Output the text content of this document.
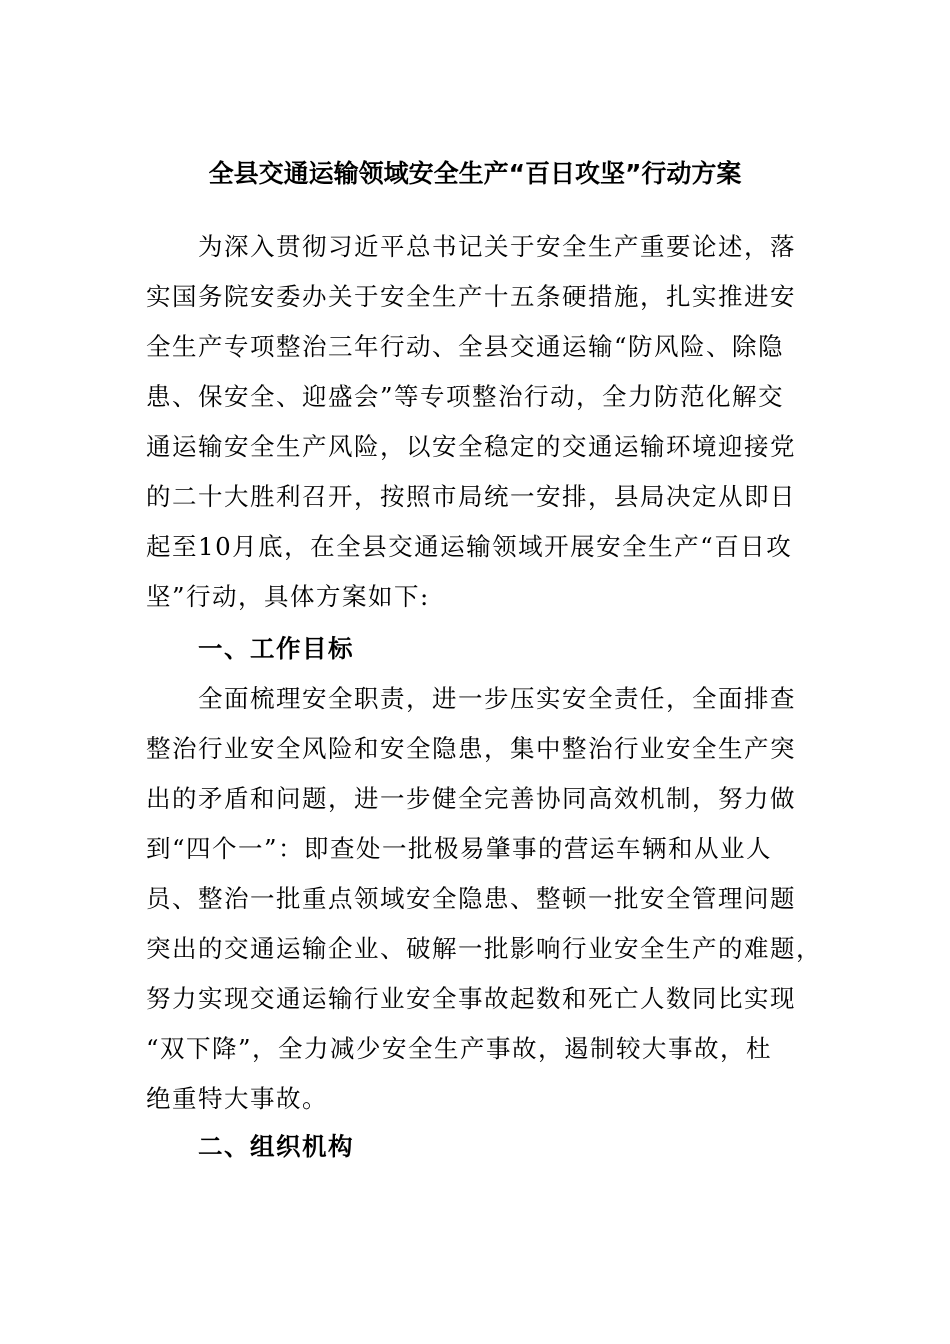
全县交通运输领域安全生产“百日攻坚”行动方案
为深入贯彻习近平总书记关于安全生产重要论述，落
实国务院安委办关于安全生产十五条硬措施，扎实推进安
全生产专项整治三年行动、全县交通运输“防风险、除隐
患、保安全、迎盛会”等专项整治行动，全力防范化解交
通运输安全生产风险，以安全稳定的交通运输环境迎接党
的二十大胜利召开，按照市局统一安排，县局决定从即日
起至10月底，在全县交通运输领域开展安全生产“百日攻
坚”行动，具体方案如下:
一、工作目标
全面梳理安全职责，进一步压实安全责任，全面排查
整治行业安全风险和安全隐患，集中整治行业安全生产突
出的矛盾和问题，进一步健全完善协同高效机制，努力做
到“四个一”：即查处一批极易肇事的营运车辆和从业人
员、整治一批重点领域安全隐患、整顿一批安全管理问题
突出的交通运输企业、破解一批影响行业安全生产的难题，
努力实现交通运输行业安全事故起数和死亡人数同比实现
“双下降”，全力减少安全生产事故，遏制较大事故，杜
绝重特大事故。
二、组织机构
